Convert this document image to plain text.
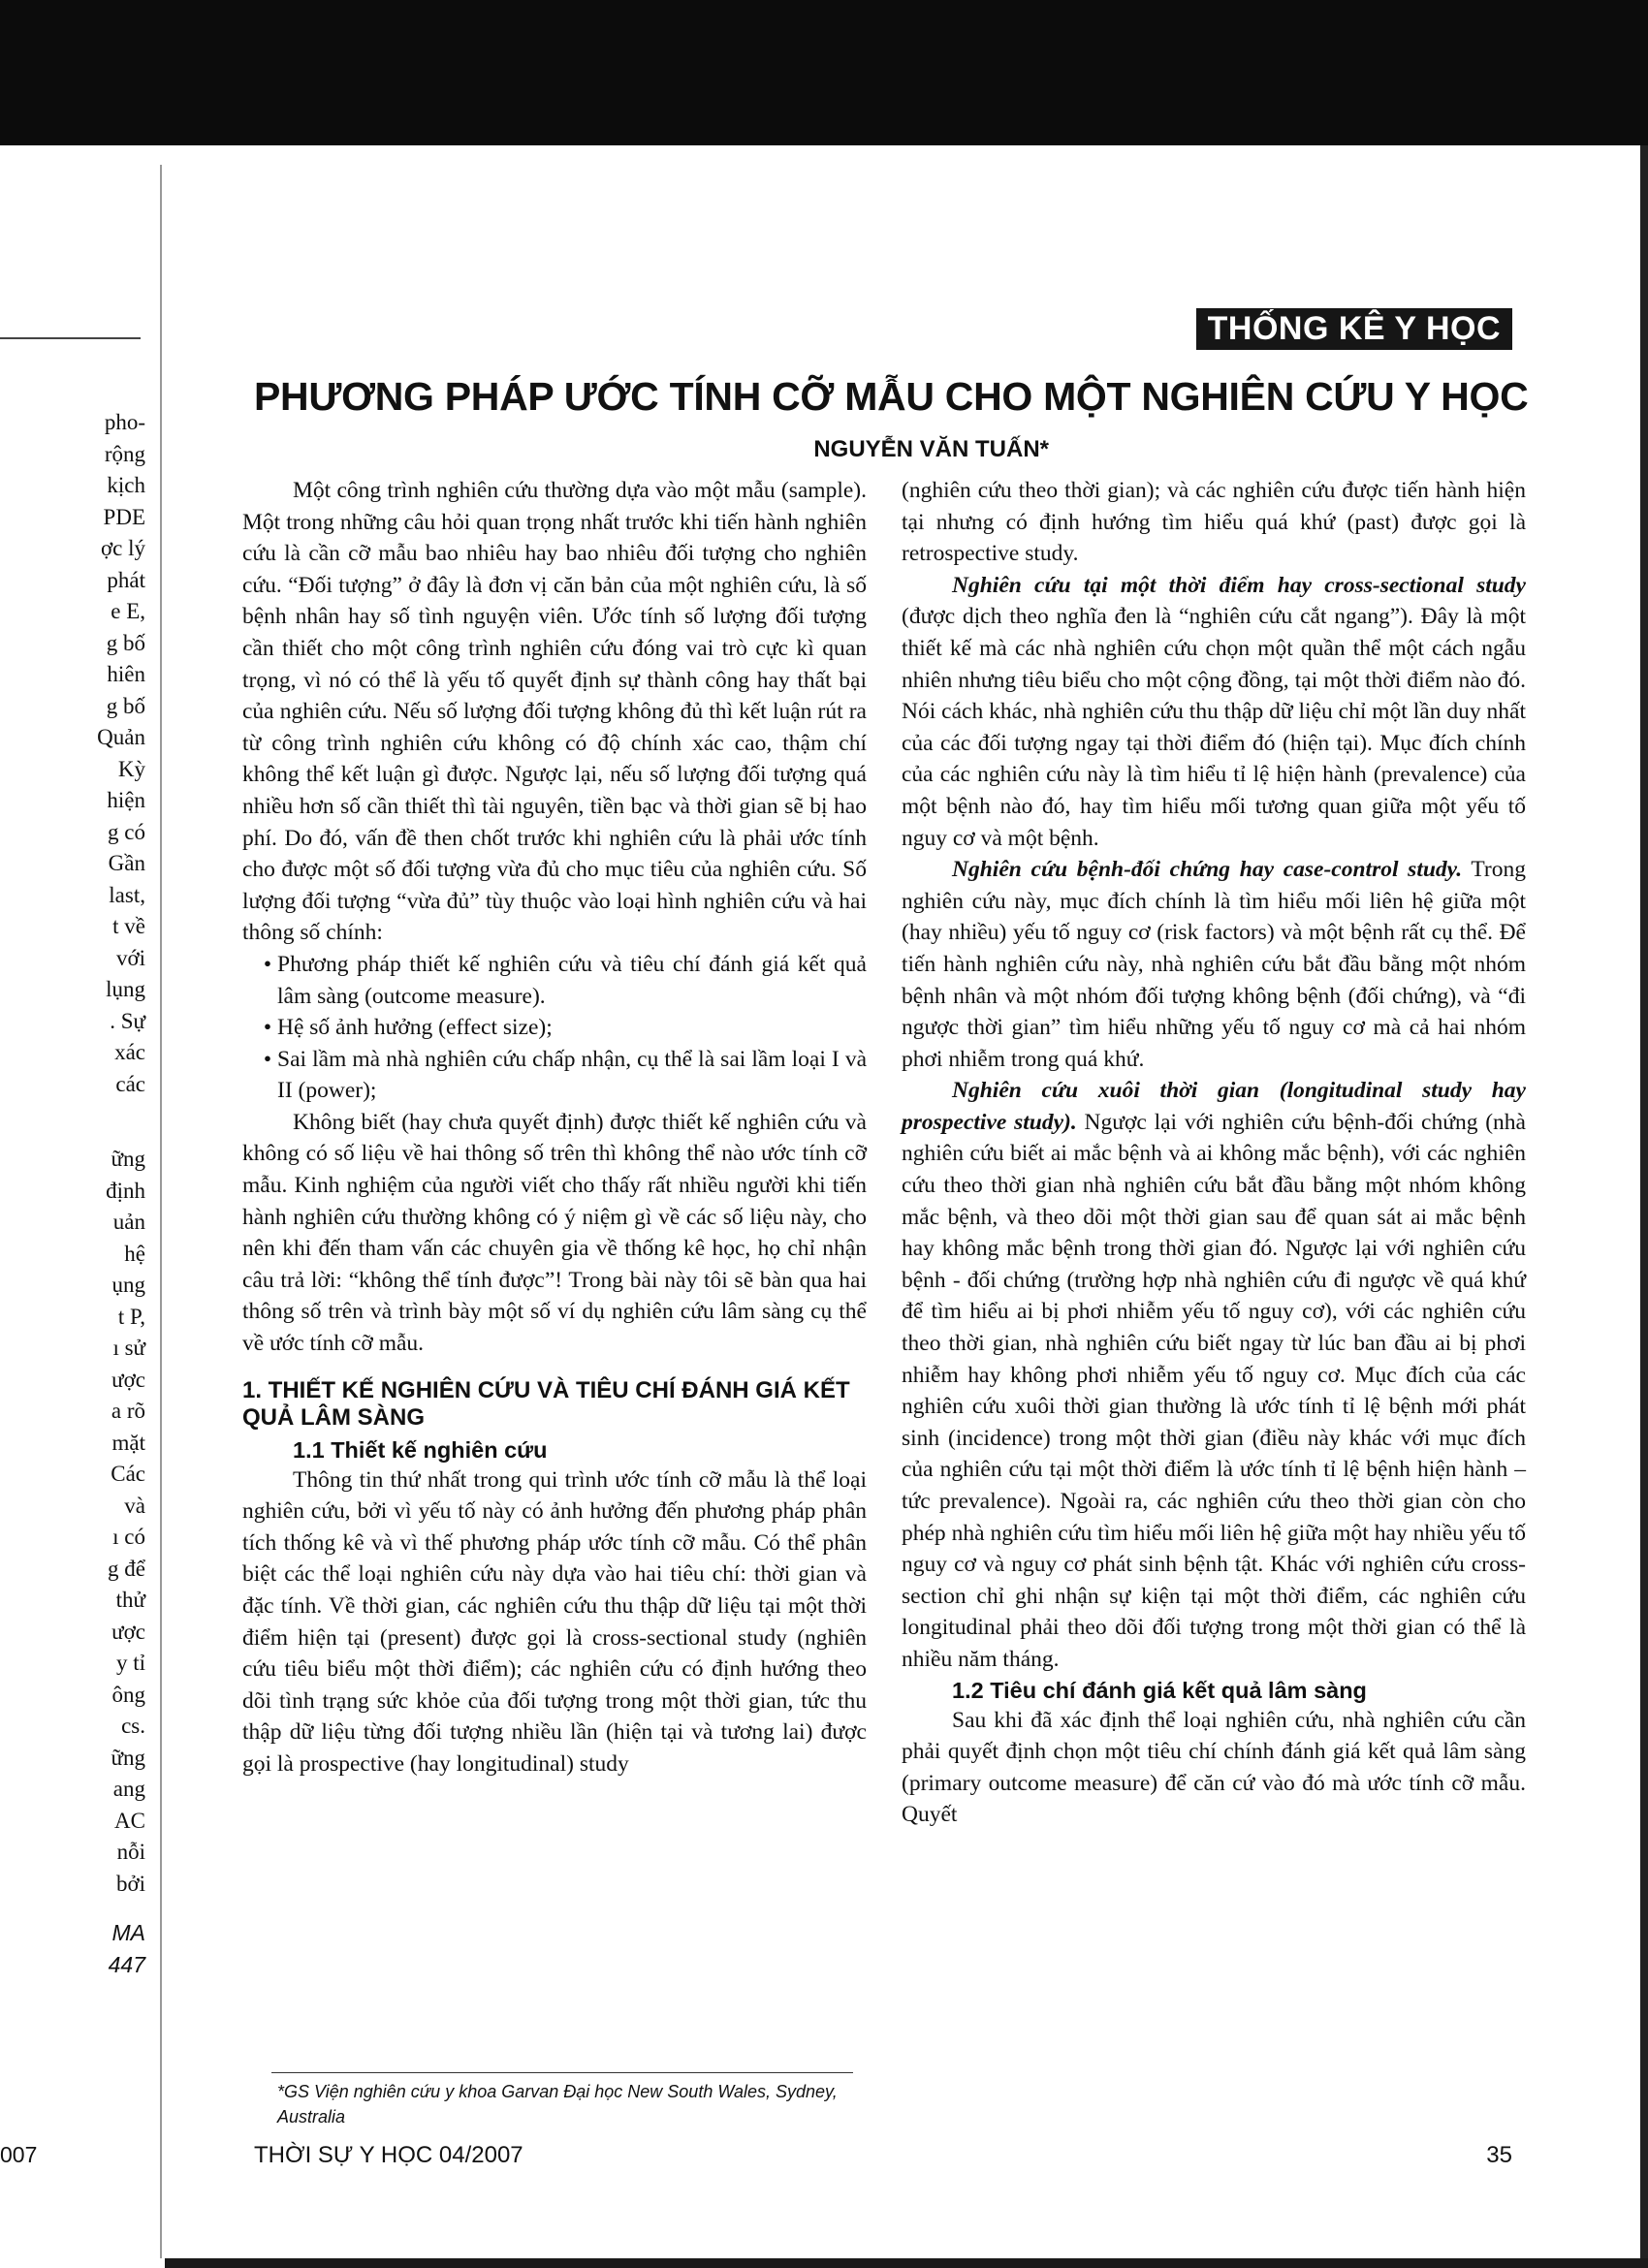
pho-
rộng
kịch
PDE
ợc lý
phát
e E,
g bố
hiên
g bố
Quản
Kỳ
hiện
g có
Gần
last,
t về
với
lụng
. Sự
xác
các
ững
định
uản
hệ
ụng
t P,
ı sử
ược
a rõ
mặt
Các
và
ı có
g để
thử
ược
y tỉ
ông
cs.
ững
ang
AC
nỗi
bởi
MA
447
007
THỐNG KÊ Y HỌC
PHƯƠNG PHÁP ƯỚC TÍNH CỠ MẪU CHO MỘT NGHIÊN CỨU Y HỌC
NGUYỄN VĂN TUẤN*

Một công trình nghiên cứu thường dựa vào một mẫu (sample). Một trong những câu hỏi quan trọng nhất trước khi tiến hành nghiên cứu là cần cỡ mẫu bao nhiêu hay bao nhiêu đối tượng cho nghiên cứu. “Đối tượng” ở đây là đơn vị căn bản của một nghiên cứu, là số bệnh nhân hay số tình nguyện viên. Ước tính số lượng đối tượng cần thiết cho một công trình nghiên cứu đóng vai trò cực kì quan trọng, vì nó có thể là yếu tố quyết định sự thành công hay thất bại của nghiên cứu. Nếu số lượng đối tượng không đủ thì kết luận rút ra từ công trình nghiên cứu không có độ chính xác cao, thậm chí không thể kết luận gì được. Ngược lại, nếu số lượng đối tượng quá nhiều hơn số cần thiết thì tài nguyên, tiền bạc và thời gian sẽ bị hao phí. Do đó, vấn đề then chốt trước khi nghiên cứu là phải ước tính cho được một số đối tượng vừa đủ cho mục tiêu của nghiên cứu. Số lượng đối tượng “vừa đủ” tùy thuộc vào loại hình nghiên cứu và hai thông số chính:

• Phương pháp thiết kế nghiên cứu và tiêu chí đánh giá kết quả lâm sàng (outcome measure).
• Hệ số ảnh hưởng (effect size);
• Sai lầm mà nhà nghiên cứu chấp nhận, cụ thể là sai lầm loại I và II (power);

Không biết (hay chưa quyết định) được thiết kế nghiên cứu và không có số liệu về hai thông số trên thì không thể nào ước tính cỡ mẫu. Kinh nghiệm của người viết cho thấy rất nhiều người khi tiến hành nghiên cứu thường không có ý niệm gì về các số liệu này, cho nên khi đến tham vấn các chuyên gia về thống kê học, họ chỉ nhận câu trả lời: “không thể tính được”! Trong bài này tôi sẽ bàn qua hai thông số trên và trình bày một số ví dụ nghiên cứu lâm sàng cụ thể về ước tính cỡ mẫu.

1. THIẾT KẾ NGHIÊN CỨU VÀ TIÊU CHÍ ĐÁNH GIÁ KẾT QUẢ LÂM SÀNG
1.1 Thiết kế nghiên cứu

Thông tin thứ nhất trong qui trình ước tính cỡ mẫu là thể loại nghiên cứu, bởi vì yếu tố này có ảnh hưởng đến phương pháp phân tích thống kê và vì thế phương pháp ước tính cỡ mẫu. Có thể phân biệt các thể loại nghiên cứu này dựa vào hai tiêu chí: thời gian và đặc tính. Về thời gian, các nghiên cứu thu thập dữ liệu tại một thời điểm hiện tại (present) được gọi là cross-sectional study (nghiên cứu tiêu biểu một thời điểm); các nghiên cứu có định hướng theo dõi tình trạng sức khỏe của đối tượng trong một thời gian, tức thu thập dữ liệu từng đối tượng nhiều lần (hiện tại và tương lai) được gọi là prospective (hay longitudinal) study

(nghiên cứu theo thời gian); và các nghiên cứu được tiến hành hiện tại nhưng có định hướng tìm hiểu quá khứ (past) được gọi là retrospective study.

Nghiên cứu tại một thời điểm hay cross-sectional study (được dịch theo nghĩa đen là “nghiên cứu cắt ngang”). Đây là một thiết kế mà các nhà nghiên cứu chọn một quần thể một cách ngẫu nhiên nhưng tiêu biểu cho một cộng đồng, tại một thời điểm nào đó. Nói cách khác, nhà nghiên cứu thu thập dữ liệu chỉ một lần duy nhất của các đối tượng ngay tại thời điểm đó (hiện tại). Mục đích chính của các nghiên cứu này là tìm hiểu tỉ lệ hiện hành (prevalence) của một bệnh nào đó, hay tìm hiểu mối tương quan giữa một yếu tố nguy cơ và một bệnh.

Nghiên cứu bệnh-đối chứng hay case-control study. Trong nghiên cứu này, mục đích chính là tìm hiểu mối liên hệ giữa một (hay nhiều) yếu tố nguy cơ (risk factors) và một bệnh rất cụ thể. Để tiến hành nghiên cứu này, nhà nghiên cứu bắt đầu bằng một nhóm bệnh nhân và một nhóm đối tượng không bệnh (đối chứng), và “đi ngược thời gian” tìm hiểu những yếu tố nguy cơ mà cả hai nhóm phơi nhiễm trong quá khứ.

Nghiên cứu xuôi thời gian (longitudinal study hay prospective study). Ngược lại với nghiên cứu bệnh-đối chứng (nhà nghiên cứu biết ai mắc bệnh và ai không mắc bệnh), với các nghiên cứu theo thời gian nhà nghiên cứu bắt đầu bằng một nhóm không mắc bệnh, và theo dõi một thời gian sau để quan sát ai mắc bệnh hay không mắc bệnh trong thời gian đó. Ngược lại với nghiên cứu bệnh - đối chứng (trường hợp nhà nghiên cứu đi ngược về quá khứ để tìm hiểu ai bị phơi nhiễm yếu tố nguy cơ), với các nghiên cứu theo thời gian, nhà nghiên cứu biết ngay từ lúc ban đầu ai bị phơi nhiễm hay không phơi nhiễm yếu tố nguy cơ. Mục đích của các nghiên cứu xuôi thời gian thường là ước tính tỉ lệ bệnh mới phát sinh (incidence) trong một thời gian (điều này khác với mục đích của nghiên cứu tại một thời điểm là ước tính tỉ lệ bệnh hiện hành – tức prevalence). Ngoài ra, các nghiên cứu theo thời gian còn cho phép nhà nghiên cứu tìm hiểu mối liên hệ giữa một hay nhiều yếu tố nguy cơ và nguy cơ phát sinh bệnh tật. Khác với nghiên cứu cross-section chỉ ghi nhận sự kiện tại một thời điểm, các nghiên cứu longitudinal phải theo dõi đối tượng trong một thời gian có thể là nhiều năm tháng.

1.2 Tiêu chí đánh giá kết quả lâm sàng

Sau khi đã xác định thể loại nghiên cứu, nhà nghiên cứu cần phải quyết định chọn một tiêu chí chính đánh giá kết quả lâm sàng (primary outcome measure) để căn cứ vào đó mà ước tính cỡ mẫu. Quyết

*GS Viện nghiên cứu y khoa Garvan Đại học New South Wales, Sydney, Australia
THỜI SỰ Y HỌC 04/2007	35
